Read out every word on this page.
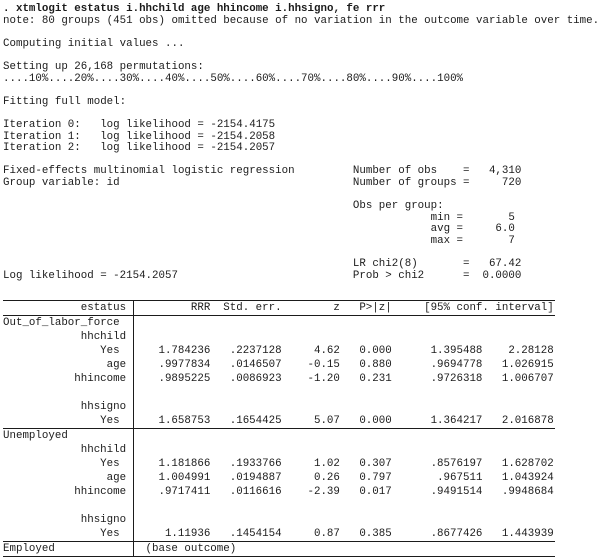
. xtmlogit estatus i.hhchild age hhincome i.hhsigno, fe rrr
note: 80 groups (451 obs) omitted because of no variation in the outcome variable over time.
Computing initial values ...
Setting up 26,168 permutations:
....10%....20%....30%....40%....50%....60%....70%....80%....90%....100%
Fitting full model:
Iteration 0:   log likelihood = -2154.4175
Iteration 1:   log likelihood = -2154.2058
Iteration 2:   log likelihood = -2154.2057
Fixed-effects multinomial logistic regression         Number of obs    =   4,310
Group variable: id                                    Number of groups =     720
Obs per group:
min =       5
avg =     6.0
max =       7
LR chi2(8)       =   67.42
Log likelihood = -2154.2057                           Prob > chi2      =  0.0000
estatus	RRR	Std. err.	z	P>|z|	[95% conf. interval]
Out_of_labor_force
hhchild
Yes	1.784236	.2237128	4.62	0.000	1.395488	2.28128
age	.9977834	.0146507	-0.15	0.880	.9694778	1.026915
hhincome	.9895225	.0086923	-1.20	0.231	.9726318	1.006707
hhsigno
Yes	1.658753	.1654425	5.07	0.000	1.364217	2.016878
Unemployed
hhchild
Yes	1.181866	.1933766	1.02	0.307	.8576197	1.628702
age	1.004991	.0194887	0.26	0.797	.967511	1.043924
hhincome	.9717411	.0116616	-2.39	0.017	.9491514	.9948684
hhsigno
Yes	1.11936	.1454154	0.87	0.385	.8677426	1.443939
Employed	(base outcome)
